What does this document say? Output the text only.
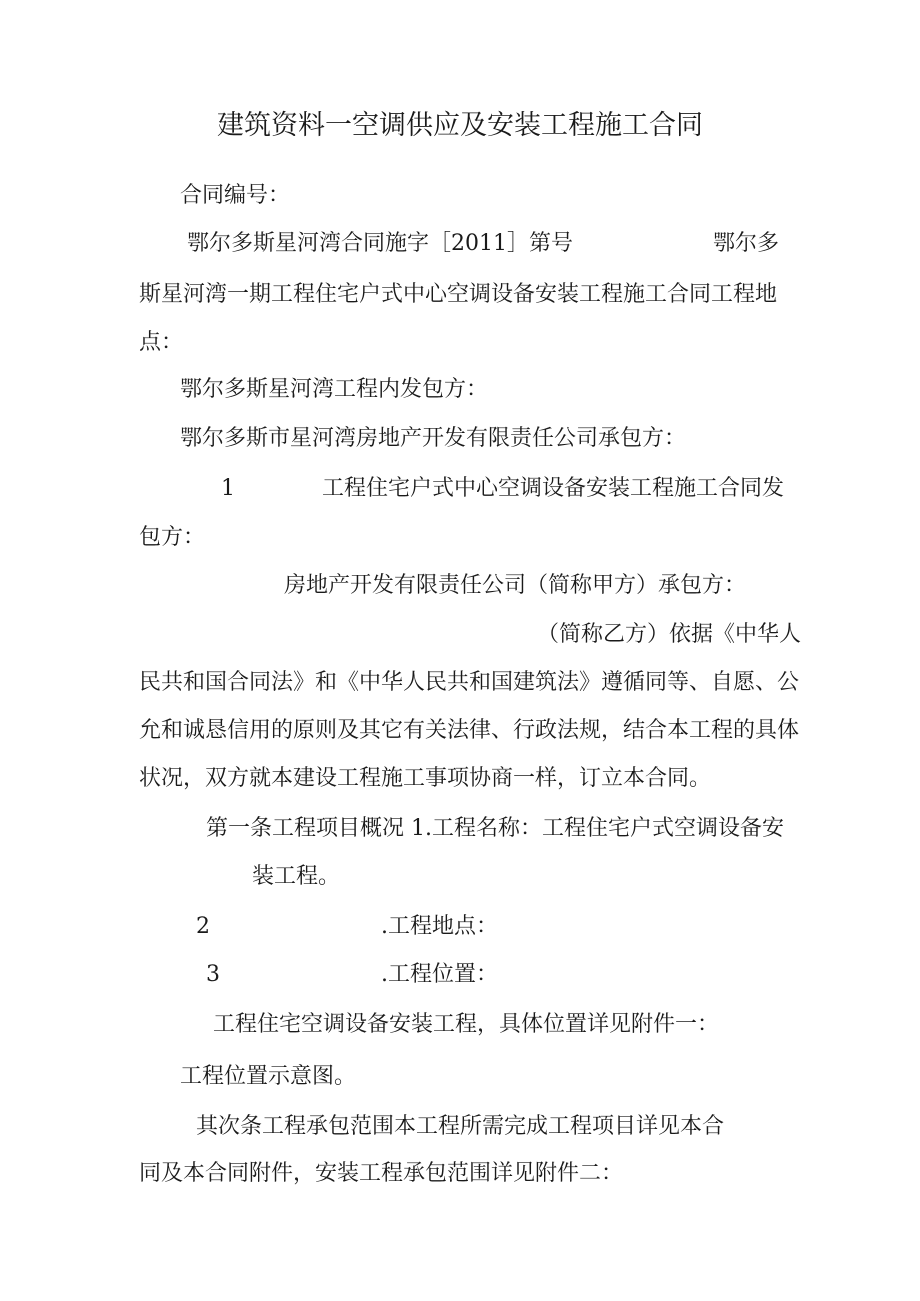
建筑资料一空调供应及安装工程施工合同
合同编号：
鄂尔多斯星河湾合同施字［2011］第号	鄂尔多
斯星河湾一期工程住宅户式中心空调设备安装工程施工合同工程地
点：
鄂尔多斯星河湾工程内发包方：
鄂尔多斯市星河湾房地产开发有限责任公司承包方：
1	工程住宅户式中心空调设备安装工程施工合同发
包方：
房地产开发有限责任公司（简称甲方）承包方：
（简称乙方）依据《中华人
民共和国合同法》和《中华人民共和国建筑法》遵循同等、自愿、公
允和诚恳信用的原则及其它有关法律、行政法规，结合本工程的具体
状况，双方就本建设工程施工事项协商一样，订立本合同。
第一条工程项目概况 1.工程名称：工程住宅户式空调设备安
装工程。
2	.工程地点：
3	.工程位置：
工程住宅空调设备安装工程，具体位置详见附件一：
工程位置示意图。
其次条工程承包范围本工程所需完成工程项目详见本合
同及本合同附件，安装工程承包范围详见附件二：
